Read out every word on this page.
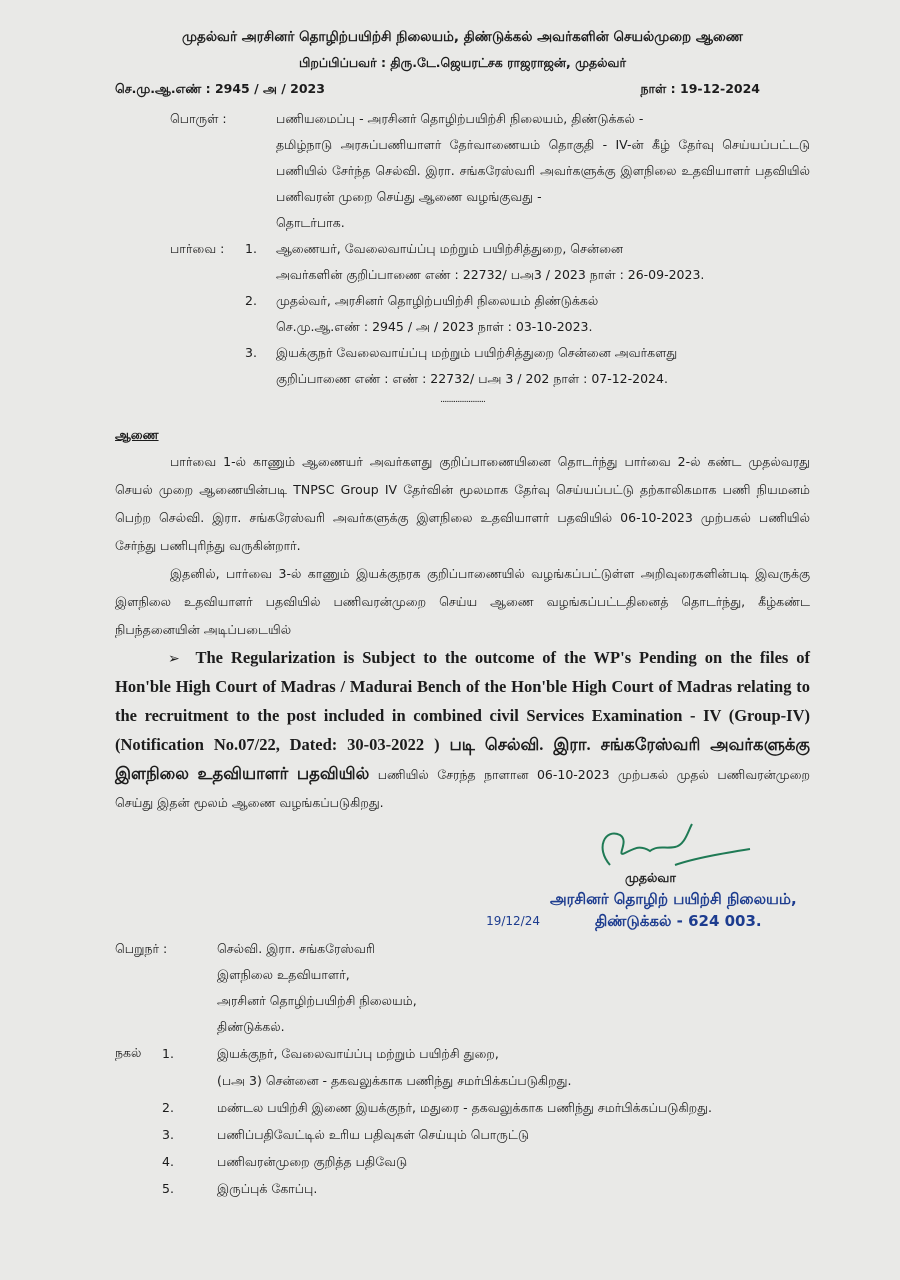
முதல்வர் அரசினர் தொழிற்பயிற்சி நிலையம், திண்டுக்கல் அவர்களின் செயல்முறை ஆணை
பிறப்பிப்பவர் : திரு.டே.ஜெயரட்சக ராஜராஜன், முதல்வர்
செ.மு.ஆ.எண் : 2945 / அ / 2023	நாள் : 19-12-2024
பொருள் :	பணியமைப்பு - அரசினர் தொழிற்பயிற்சி நிலையம், திண்டுக்கல் -
தமிழ்நாடு அரசுப்பணியாளர் தேர்வாணையம் தொகுதி - IV-ன் கீழ் தேர்வு செய்யப்பட்டடு பணியில் சேர்ந்த செல்வி. இரா. சங்கரேஸ்வரி அவர்களுக்கு இளநிலை உதவியாளர் பதவியில் பணிவரன் முறை செய்து ஆணை வழங்குவது -
தொடர்பாக.
பார்வை :	1.	ஆணையர், வேலைவாய்ப்பு மற்றும் பயிற்சித்துறை, சென்னை
அவர்களின் குறிப்பாணை எண் : 22732/ பஅ3 / 2023 நாள் : 26-09-2023.
2.	முதல்வர், அரசினர் தொழிற்பயிற்சி நிலையம் திண்டுக்கல்
செ.மு.ஆ.எண் : 2945 / அ / 2023 நாள் : 03-10-2023.
3.	இயக்குநர் வேலைவாய்ப்பு மற்றும் பயிற்சித்துறை சென்னை அவர்களது
குறிப்பாணை எண் : எண் : 22732/ பஅ 3 / 202 நாள் : 07-12-2024.
........................
ஆணை
பார்வை 1-ல் காணும் ஆணையர் அவர்களது குறிப்பாணையினை தொடர்ந்து பார்வை 2-ல் கண்ட முதல்வரது செயல் முறை ஆணையின்படி TNPSC Group IV தேர்வின் மூலமாக தேர்வு செய்யப்பட்டு தற்காலிகமாக பணி நியமனம் பெற்ற செல்வி. இரா. சங்கரேஸ்வரி அவர்களுக்கு இளநிலை உதவியாளர் பதவியில் 06-10-2023 முற்பகல் பணியில் சேர்ந்து பணிபுரிந்து வருகின்றார்.
இதனில், பார்வை 3-ல் காணும் இயக்குநரக குறிப்பாணையில் வழங்கப்பட்டுள்ள அறிவுரைகளின்படி இவருக்கு இளநிலை உதவியாளர் பதவியில் பணிவரன்முறை செய்ய ஆணை வழங்கப்பட்டதினைத் தொடர்ந்து, கீழ்கண்ட நிபந்தனையின் அடிப்படையில்
➢ The Regularization is Subject to the outcome of the WP's Pending on the files of Hon'ble High Court of Madras / Madurai Bench of the Hon'ble High Court of Madras relating to the recruitment to the post included in combined civil Services Examination - IV (Group-IV) (Notification No.07/22, Dated: 30-03-2022 ) படி செல்வி. இரா. சங்கரேஸ்வரி அவர்களுக்கு இளநிலை உதவியாளர் பதவியில் பணியில் சேரந்த நாளான 06-10-2023 முற்பகல் முதல் பணிவரன்முறை செய்து இதன் மூலம் ஆணை வழங்கப்படுகிறது.
19/12/24
முதல்வா
அரசினர் தொழிற் பயிற்சி நிலையம்,
திண்டுக்கல் - 624 003.
பெறுநர் :	செல்வி. இரா. சங்கரேஸ்வரி
இளநிலை உதவியாளர்,
அரசினர் தொழிற்பயிற்சி நிலையம்,
திண்டுக்கல்.
நகல்	1.	இயக்குநர், வேலைவாய்ப்பு மற்றும் பயிற்சி துறை,
(பஅ 3) சென்னை - தகவலுக்காக பணிந்து சமர்பிக்கப்படுகிறது.
2.	மண்டல பயிற்சி இணை இயக்குநர், மதுரை - தகவலுக்காக பணிந்து சமர்பிக்கப்படுகிறது.
3.	பணிப்பதிவேட்டில் உரிய பதிவுகள் செய்யும் பொருட்டு
4.	பணிவரன்முறை குறித்த பதிவேடு
5.	இருப்புக் கோப்பு.
